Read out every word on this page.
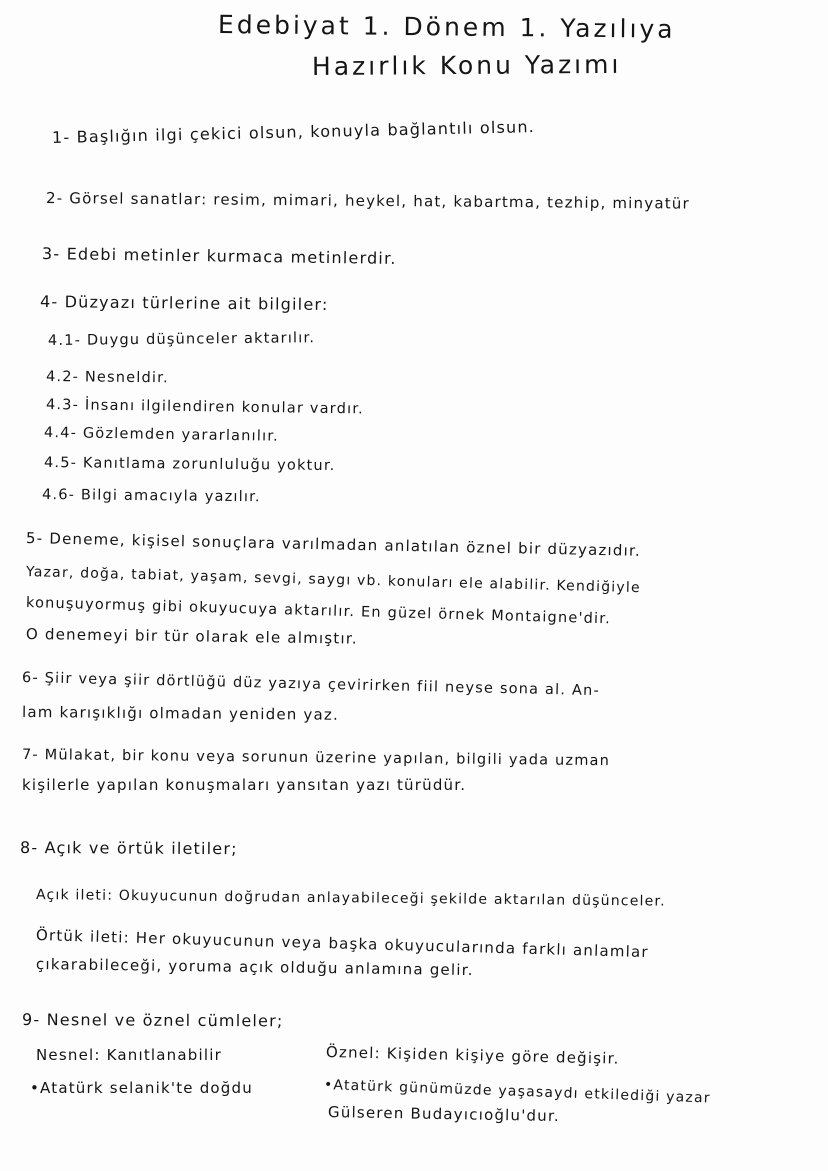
Edebiyat 1. Dönem 1. Yazılıya
Hazırlık Konu Yazımı
1- Başlığın ilgi çekici olsun, konuyla bağlantılı olsun.
2- Görsel sanatlar: resim, mimari, heykel, hat, kabartma, tezhip, minyatür
3- Edebi metinler kurmaca metinlerdir.
4- Düzyazı türlerine ait bilgiler:
4.1- Duygu düşünceler aktarılır.
4.2- Nesneldir.
4.3- İnsanı ilgilendiren konular vardır.
4.4- Gözlemden yararlanılır.
4.5- Kanıtlama zorunluluğu yoktur.
4.6- Bilgi amacıyla yazılır.
5- Deneme, kişisel sonuçlara varılmadan anlatılan öznel bir düzyazıdır.
Yazar, doğa, tabiat, yaşam, sevgi, saygı vb. konuları ele alabilir. Kendiğiyle
konuşuyormuş gibi okuyucuya aktarılır. En güzel örnek Montaigne'dir.
O denemeyi bir tür olarak ele almıştır.
6- Şiir veya şiir dörtlüğü düz yazıya çevirirken fiil neyse sona al. An-
lam karışıklığı olmadan yeniden yaz.
7- Mülakat, bir konu veya sorunun üzerine yapılan, bilgili yada uzman
kişilerle yapılan konuşmaları yansıtan yazı türüdür.
8- Açık ve örtük iletiler;
Açık ileti: Okuyucunun doğrudan anlayabileceği şekilde aktarılan düşünceler.
Örtük ileti: Her okuyucunun veya başka okuyucularında farklı anlamlar
çıkarabileceği, yoruma açık olduğu anlamına gelir.
9- Nesnel ve öznel cümleler;
Nesnel: Kanıtlanabilir
•Atatürk selanik'te doğdu
Öznel: Kişiden kişiye göre değişir.
•Atatürk günümüzde yaşasaydı etkilediği yazar
Gülseren Budayıcıoğlu'dur.
